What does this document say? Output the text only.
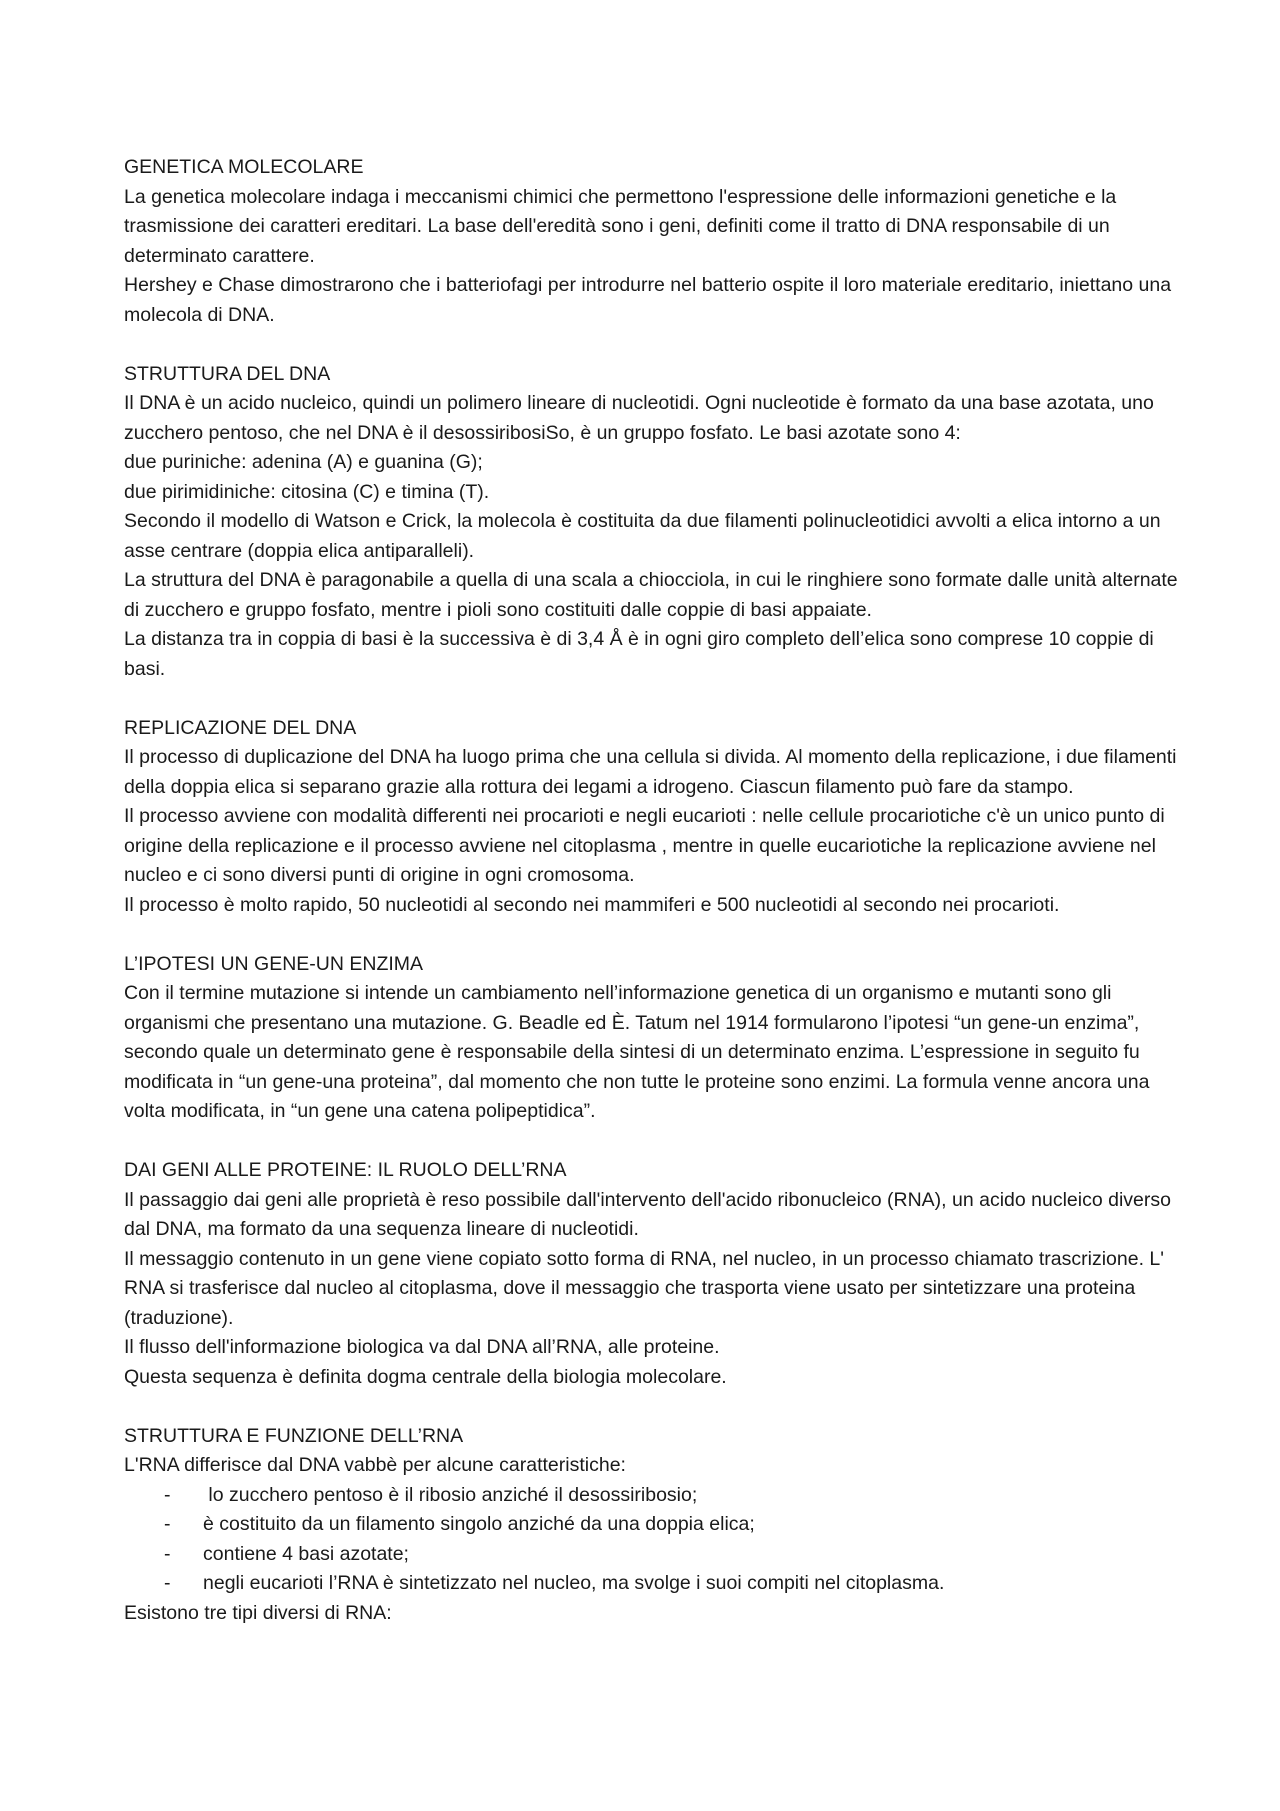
GENETICA MOLECOLARE

La genetica molecolare indaga i meccanismi chimici che permettono l'espressione delle informazioni genetiche e la trasmissione dei caratteri ereditari. La base dell'eredità sono i geni, definiti come il tratto di DNA responsabile di un determinato carattere.

Hershey e Chase dimostrarono che i batteriofagi per introdurre nel batterio ospite il loro materiale ereditario, iniettano una molecola di DNA.

STRUTTURA DEL DNA

Il DNA è un acido nucleico, quindi un polimero lineare di nucleotidi. Ogni nucleotide è formato da una base azotata, uno zucchero pentoso, che nel DNA è il desossiribosiSo, è un gruppo fosfato. Le basi azotate sono 4:

due puriniche: adenina (A) e guanina (G);

due pirimidiniche: citosina (C) e timina (T).

Secondo il modello di Watson e Crick, la molecola è costituita da due filamenti polinucleotidici avvolti a elica intorno a un asse centrare (doppia elica antiparalleli).

La struttura del DNA è paragonabile a quella di una scala a chiocciola, in cui le ringhiere sono formate dalle unità alternate di zucchero e gruppo fosfato, mentre i pioli sono costituiti dalle coppie di basi appaiate.

La distanza tra in coppia di basi è la successiva è di 3,4 Å è in ogni giro completo dell’elica sono comprese 10 coppie di basi.

REPLICAZIONE DEL DNA

Il processo di duplicazione del DNA ha luogo prima che una cellula si divida. Al momento della replicazione, i due filamenti della doppia elica si separano grazie alla rottura dei legami a idrogeno. Ciascun filamento può fare da stampo.

Il processo avviene con modalità differenti nei procarioti e negli eucarioti : nelle cellule procariotiche c'è un unico punto di origine della replicazione e il processo avviene nel citoplasma , mentre in quelle eucariotiche la replicazione avviene nel nucleo e ci sono diversi punti di origine in ogni cromosoma.

Il processo è molto rapido, 50 nucleotidi al secondo nei mammiferi e 500 nucleotidi al secondo nei procarioti.

L’IPOTESI UN GENE-UN ENZIMA

Con il termine mutazione si intende un cambiamento nell’informazione genetica di un organismo e mutanti sono gli organismi che presentano una mutazione. G. Beadle ed È. Tatum nel 1914 formularono l’ipotesi “un gene-un enzima”, secondo quale un determinato gene è responsabile della sintesi di un determinato enzima. L’espressione in seguito fu modificata in “un gene-una proteina”, dal momento che non tutte le proteine sono enzimi. La formula venne ancora una volta modificata, in “un gene una catena polipeptidica”.

DAI GENI ALLE PROTEINE: IL RUOLO DELL’RNA

Il passaggio dai geni alle proprietà è reso possibile dall'intervento dell'acido ribonucleico (RNA), un acido nucleico diverso dal DNA, ma formato da una sequenza lineare di nucleotidi.

Il messaggio contenuto in un gene viene copiato sotto forma di RNA, nel nucleo, in un processo chiamato trascrizione. L' RNA si trasferisce dal nucleo al citoplasma, dove il messaggio che trasporta viene usato per sintetizzare una proteina (traduzione).

Il flusso dell'informazione biologica va dal DNA all’RNA, alle proteine.

Questa sequenza è definita dogma centrale della biologia molecolare.

STRUTTURA E FUNZIONE DELL’RNA

L'RNA differisce dal DNA vabbè per alcune caratteristiche:

- lo zucchero pentoso è il ribosio anziché il desossiribosio;
- è costituito da un filamento singolo anziché da una doppia elica;
- contiene 4 basi azotate;
- negli eucarioti l’RNA è sintetizzato nel nucleo, ma svolge i suoi compiti nel citoplasma.

Esistono tre tipi diversi di RNA:
